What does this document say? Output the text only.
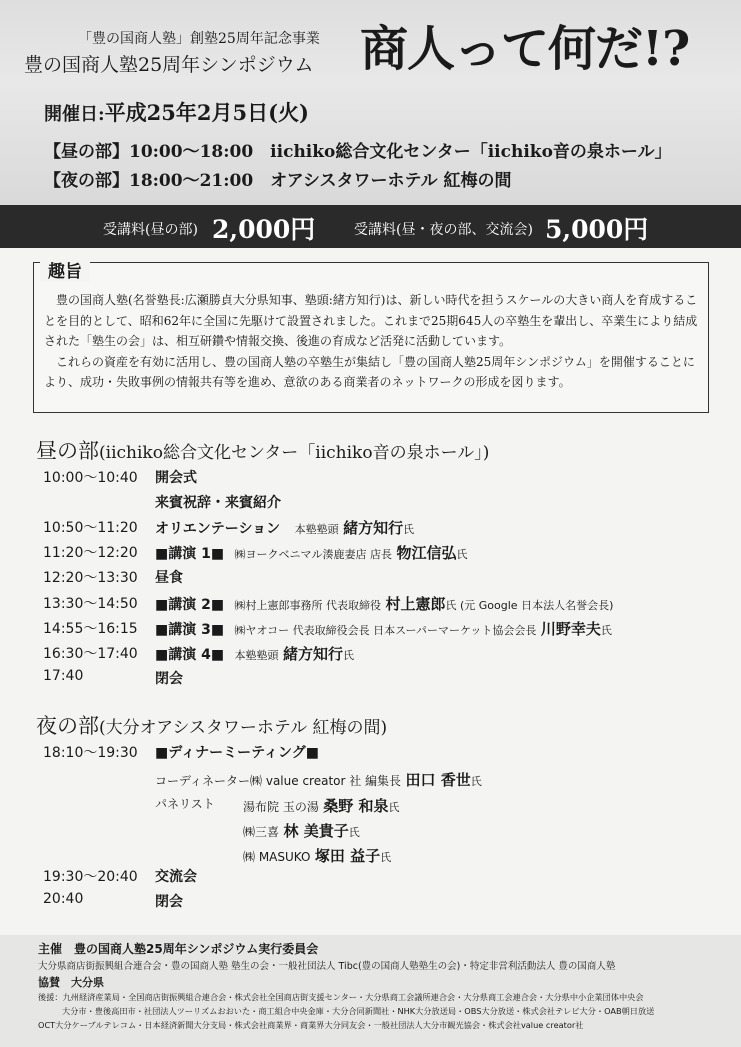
「豊の国商人塾」創塾25周年記念事業
豊の国商人塾25周年シンポジウム 商人って何だ!?
開催日:平成25年2月5日(火)
【昼の部】10:00〜18:00　iichiko総合文化センター「iichiko音の泉ホール」
【夜の部】18:00〜21:00　オアシスタワーホテル 紅梅の間
受講料(昼の部) 2,000円	受講料(昼・夜の部、交流会) 5,000円
趣旨

豊の国商人塾(名誉塾長:広瀬勝貞大分県知事、塾頭:緒方知行)は、新しい時代を担うスケールの大きい商人を育成することを目的として、昭和62年に全国に先駆けて設置されました。これまで25期645人の卒塾生を輩出し、卒業生により結成された「塾生の会」は、相互研鑽や情報交換、後進の育成など活発に活動しています。

これらの資産を有効に活用し、豊の国商人塾の卒塾生が集結し「豊の国商人塾25周年シンポジウム」を開催することにより、成功・失敗事例の情報共有等を進め、意欲のある商業者のネットワークの形成を図ります。

昼の部(iichiko総合文化センター「iichiko音の泉ホール」)
10:00〜10:40 開会式
来賓祝辞・来賓紹介
10:50〜11:20 オリエンテーション 本塾塾頭 緒方知行氏
11:20〜12:20 ■講演 1■ ㈱ヨークベニマル湊鹿妻店 店長 物江信弘氏
12:20〜13:30 昼食
13:30〜14:50 ■講演 2■ ㈱村上憲郎事務所 代表取締役 村上憲郎氏 (元 Google 日本法人名誉会長)
14:55〜16:15 ■講演 3■ ㈱ヤオコー 代表取締役会長 日本スーパーマーケット協会会長 川野幸夫氏
16:30〜17:40 ■講演 4■ 本塾塾頭 緒方知行氏
17:40	閉会
夜の部(大分オアシスタワーホテル 紅梅の間)
18:10〜19:30 ■ディナーミーティング■
コーディネーター㈱ value creator 社 編集長 田口 香世氏
パネリスト 湯布院 玉の湯 桑野 和泉氏
㈱三喜 林 美貴子氏
㈱ MASUKO 塚田 益子氏
19:30〜20:40 交流会
20:40	閉会
主催　豊の国商人塾25周年シンポジウム実行委員会
大分県商店街振興組合連合会・豊の国商人塾 塾生の会・一般社団法人 Tibc(豊の国商人塾塾生の会)・特定非営利活動法人 豊の国商人塾
協賛　大分県
後援：九州経済産業局・全国商店街振興組合連合会・株式会社全国商店街支援センター・大分県商工会議所連合会・大分県商工会連合会・大分県中小企業団体中央会
大分市・豊後高田市・社団法人ツーリズムおおいた・商工組合中央金庫・大分合同新聞社・NHK大分放送局・OBS大分放送・株式会社テレビ大分・OAB朝日放送
OCT大分ケーブルテレコム・日本経済新聞大分支局・株式会社商業界・商業界大分同友会・一般社団法人大分市観光協会・株式会社value creator社
